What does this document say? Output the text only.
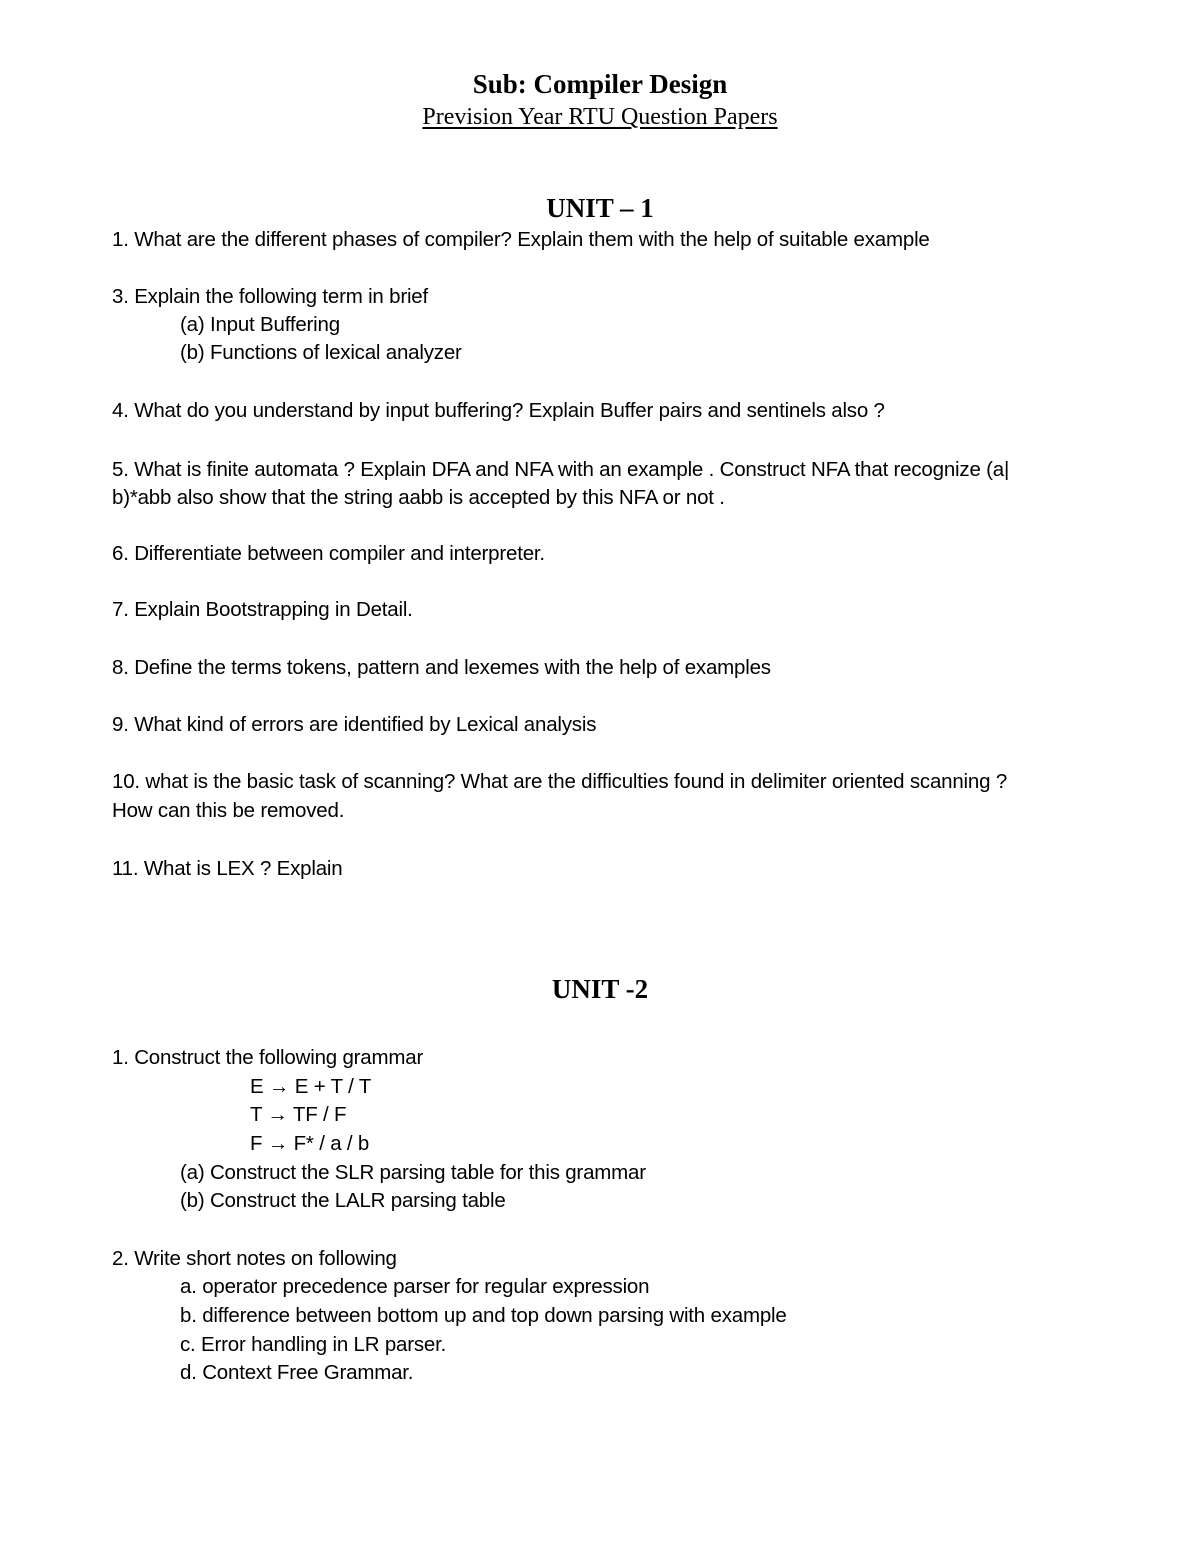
Sub: Compiler Design
Prevision Year RTU Question Papers
UNIT – 1
1. What are the different phases of compiler? Explain them with the help of suitable example
3. Explain the following term in brief
(a) Input Buffering
(b) Functions of lexical analyzer
4. What do you understand by input buffering? Explain Buffer pairs and sentinels also ?
5. What is finite automata ? Explain DFA and NFA with an example . Construct NFA that recognize (a|
b)*abb also show that the string aabb is accepted by this NFA or not .
6. Differentiate between compiler and interpreter.
7. Explain Bootstrapping in Detail.
8. Define the terms tokens, pattern and lexemes with the help of examples
9. What kind of errors are identified by Lexical analysis
10. what is the basic task of scanning? What are the difficulties found in delimiter oriented scanning ?
How can this be removed.
11. What is LEX ? Explain
UNIT -2
1. Construct the following grammar
E → E + T / T
T → TF / F
F → F* / a / b
(a) Construct the SLR parsing table for this grammar
(b) Construct the LALR parsing table
2. Write short notes on following
a. operator precedence parser for regular expression
b. difference between bottom up and top down parsing with example
c. Error handling in LR parser.
d. Context Free Grammar.
